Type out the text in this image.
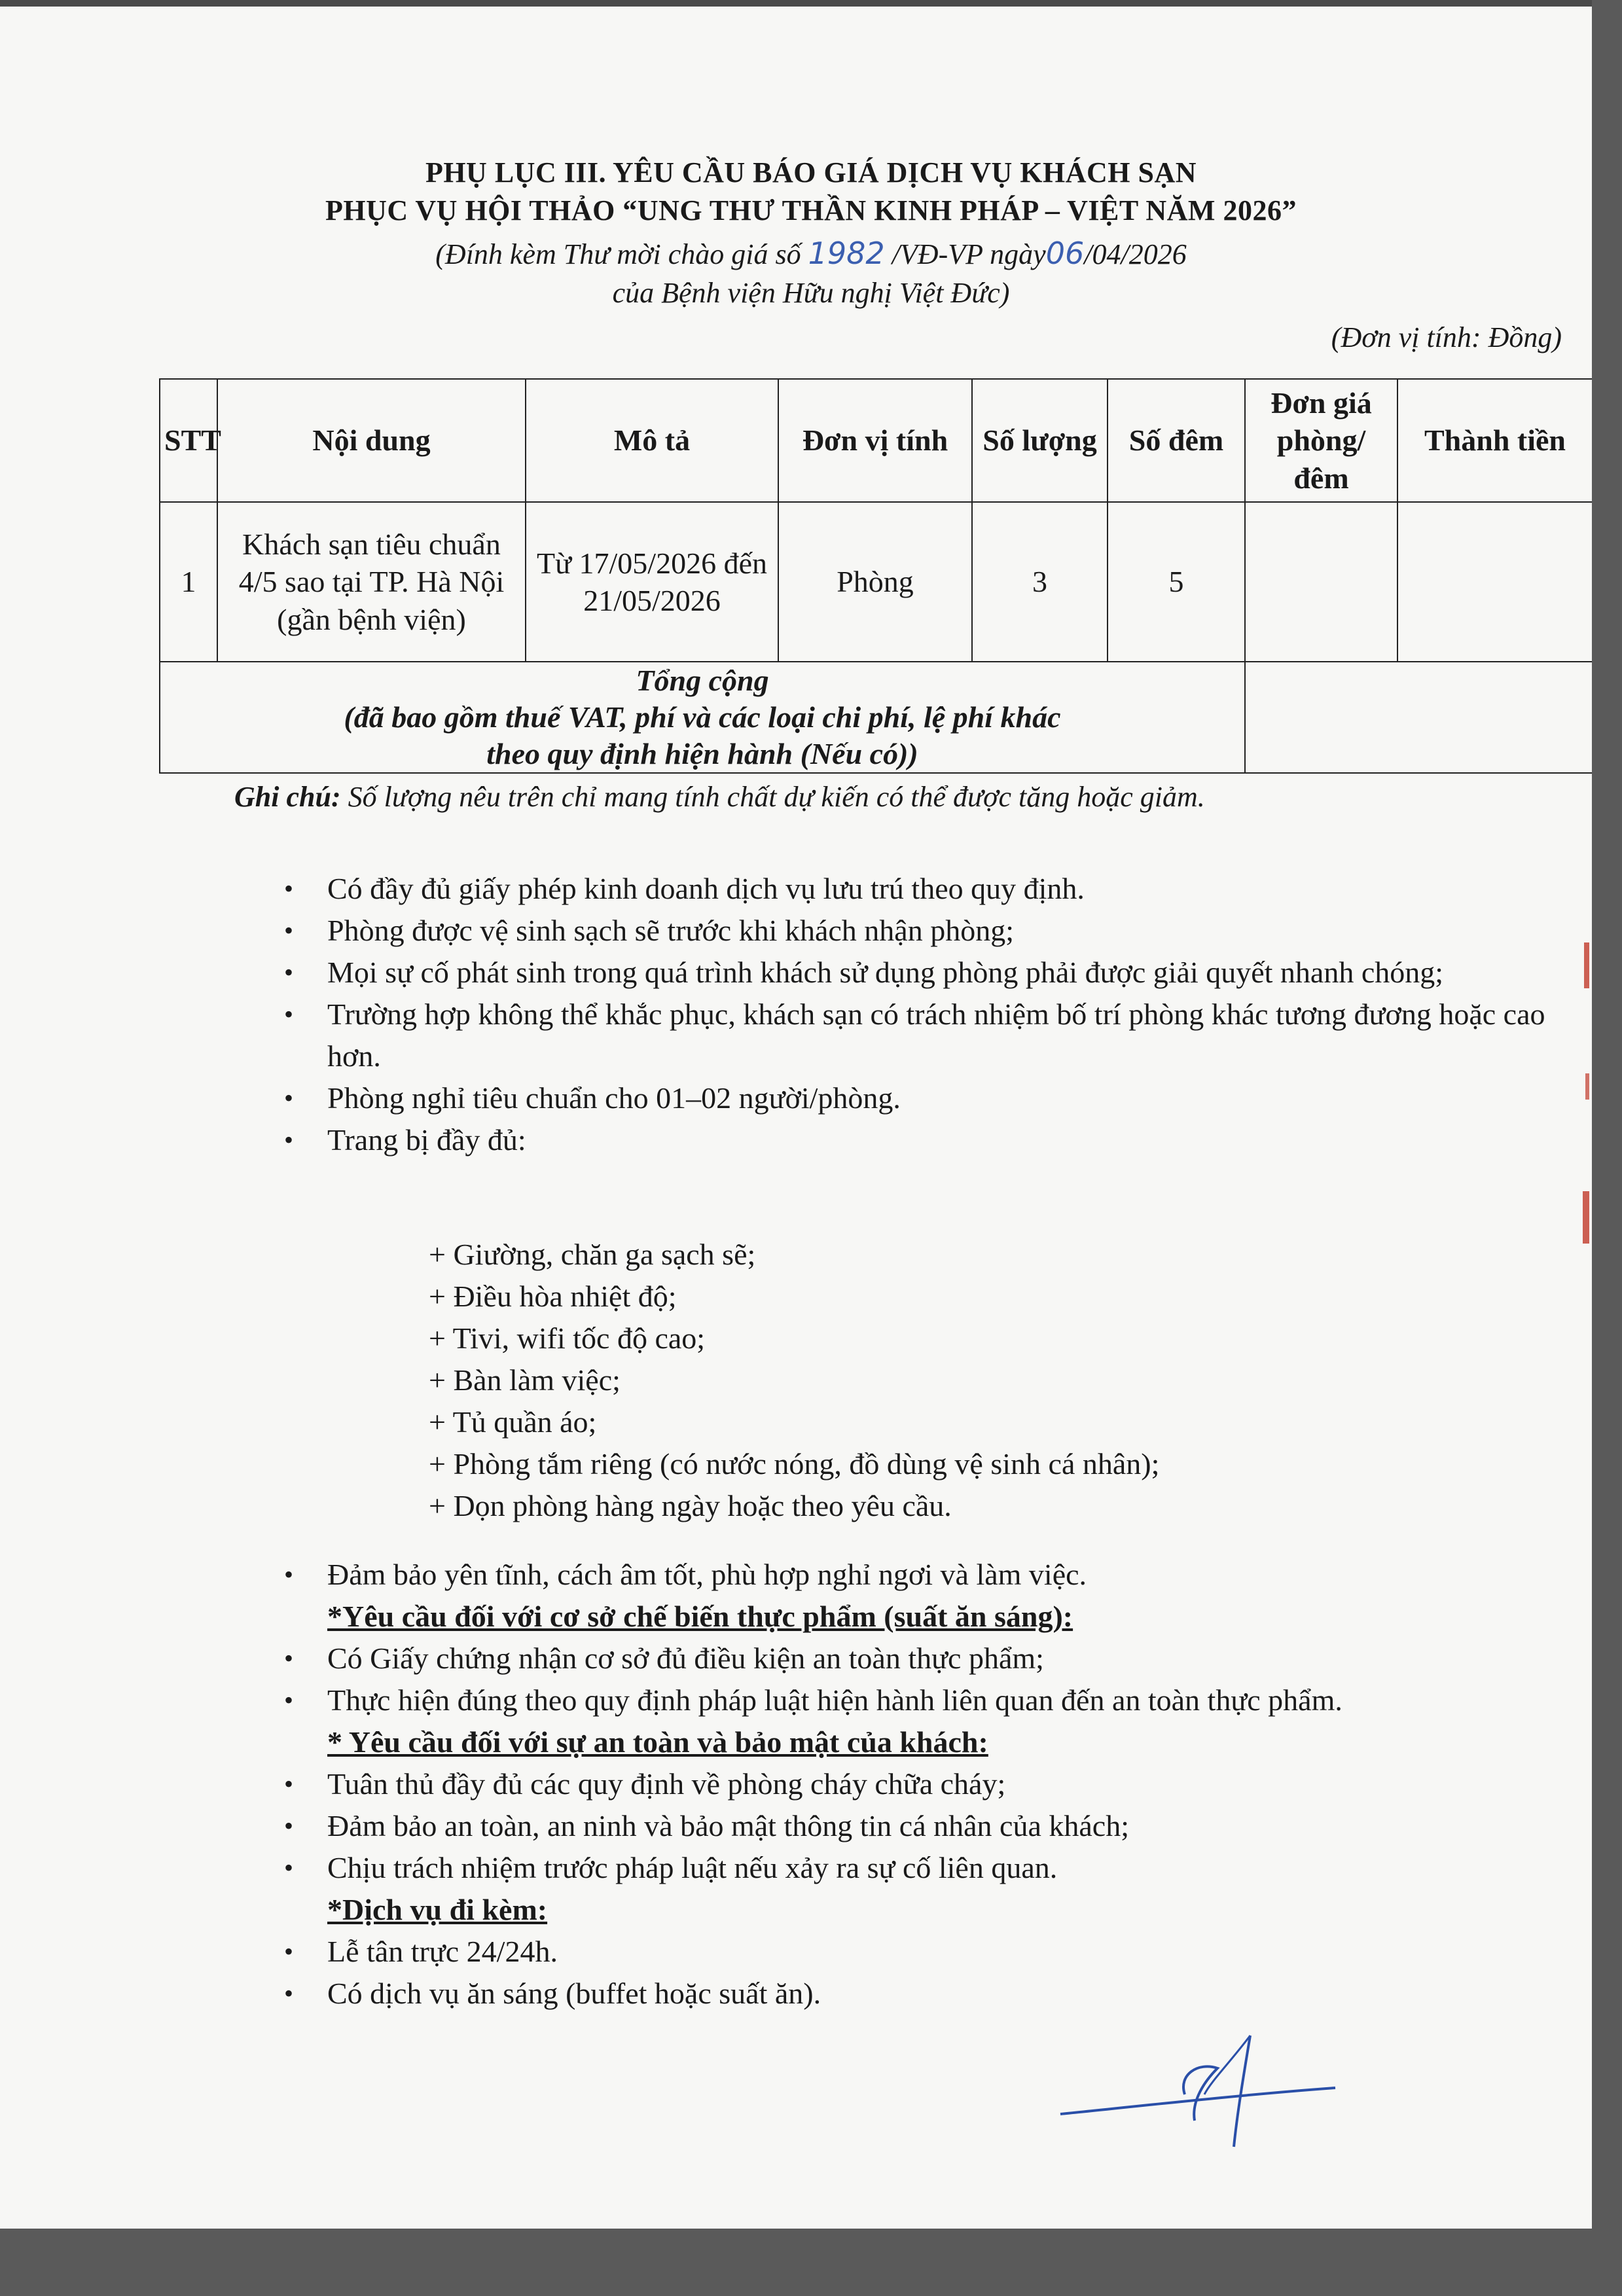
PHỤ LỤC III. YÊU CẦU BÁO GIÁ DỊCH VỤ KHÁCH SẠN
PHỤC VỤ HỘI THẢO “UNG THƯ THẦN KINH PHÁP – VIỆT NĂM 2026”
(Đính kèm Thư mời chào giá số 1982 /VĐ-VP ngày06/04/2026
của Bệnh viện Hữu nghị Việt Đức)
(Đơn vị tính: Đồng)
STT	Nội dung	Mô tả	Đơn vị tính	Số lượng	Số đêm	Đơn giá phòng/ đêm	Thành tiền
1	Khách sạn tiêu chuẩn 4/5 sao tại TP. Hà Nội (gần bệnh viện)	Từ 17/05/2026 đến 21/05/2026	Phòng	3	5		

Tổng cộng
(đã bao gồm thuế VAT, phí và các loại chi phí, lệ phí khác
theo quy định hiện hành (Nếu có))							

Ghi chú: Số lượng nêu trên chỉ mang tính chất dự kiến có thể được tăng hoặc giảm.
• Có đầy đủ giấy phép kinh doanh dịch vụ lưu trú theo quy định.
• Phòng được vệ sinh sạch sẽ trước khi khách nhận phòng;
• Mọi sự cố phát sinh trong quá trình khách sử dụng phòng phải được giải quyết nhanh chóng;
• Trường hợp không thể khắc phục, khách sạn có trách nhiệm bố trí phòng khác tương đương hoặc cao hơn.
• Phòng nghỉ tiêu chuẩn cho 01–02 người/phòng.
• Trang bị đầy đủ:
+ Giường, chăn ga sạch sẽ;
+ Điều hòa nhiệt độ;
+ Tivi, wifi tốc độ cao;
+ Bàn làm việc;
+ Tủ quần áo;
+ Phòng tắm riêng (có nước nóng, đồ dùng vệ sinh cá nhân);
+ Dọn phòng hàng ngày hoặc theo yêu cầu.
• Đảm bảo yên tĩnh, cách âm tốt, phù hợp nghỉ ngơi và làm việc.
*Yêu cầu đối với cơ sở chế biến thực phẩm (suất ăn sáng):
• Có Giấy chứng nhận cơ sở đủ điều kiện an toàn thực phẩm;
• Thực hiện đúng theo quy định pháp luật hiện hành liên quan đến an toàn thực phẩm.
* Yêu cầu đối với sự an toàn và bảo mật của khách:
• Tuân thủ đầy đủ các quy định về phòng cháy chữa cháy;
• Đảm bảo an toàn, an ninh và bảo mật thông tin cá nhân của khách;
• Chịu trách nhiệm trước pháp luật nếu xảy ra sự cố liên quan.
*Dịch vụ đi kèm:
• Lễ tân trực 24/24h.
• Có dịch vụ ăn sáng (buffet hoặc suất ăn).
